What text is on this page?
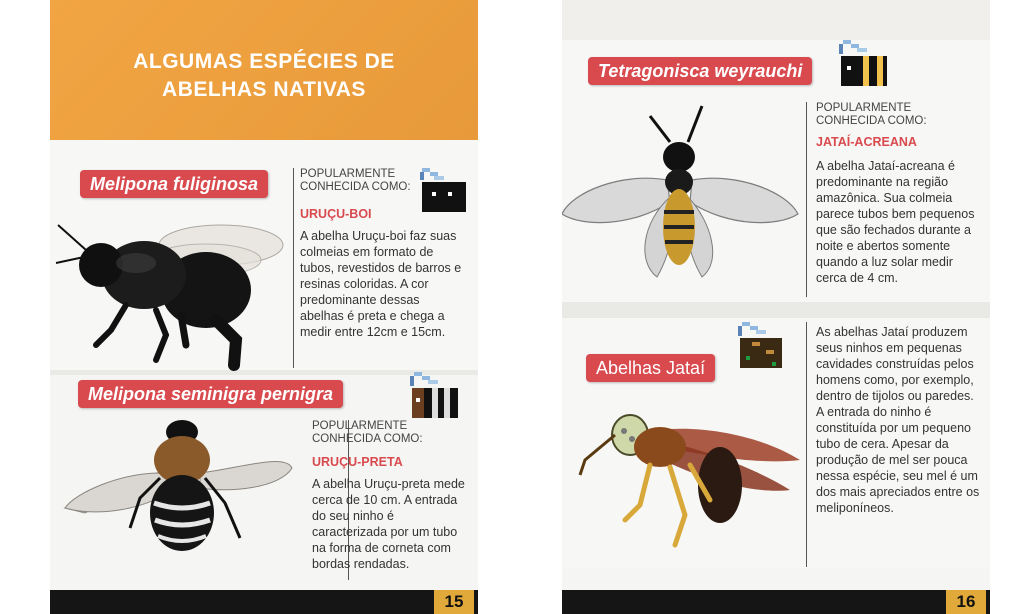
ALGUMAS ESPÉCIES DE
ABELHAS NATIVAS
Melipona fuliginosa	POPULARMENTE
CONHECIDA COMO:
URUÇU-BOI
A abelha Uruçu-boi faz suas colmeias em formato de tubos, revestidos de barros e resinas coloridas. A cor predominante dessas abelhas é preta e chega a medir entre 12cm e 15cm.
Melipona seminigra pernigra
POPULARMENTE
CONHECIDA COMO:
URUÇU-PRETA
A abelha Uruçu-preta mede cerca de 10 cm. A entrada do seu ninho é caracterizada por um tubo na forma de corneta com bordas rendadas.
15
Tetragonisca weyrauchi
POPULARMENTE
CONHECIDA COMO:
JATAÍ-ACREANA
A abelha Jataí-acreana é predominante na região amazônica. Sua colmeia parece tubos bem pequenos que são fechados durante a noite e abertos somente quando a luz solar medir cerca de 4 cm.
Abelhas Jataí
As abelhas Jataí produzem seus ninhos em pequenas cavidades construídas pelos homens como, por exemplo, dentro de tijolos ou paredes. A entrada do ninho é constituída por um pequeno tubo de cera. Apesar da produção de mel ser pouca nessa espécie, seu mel é um dos mais apreciados entre os meliponíneos.
16
